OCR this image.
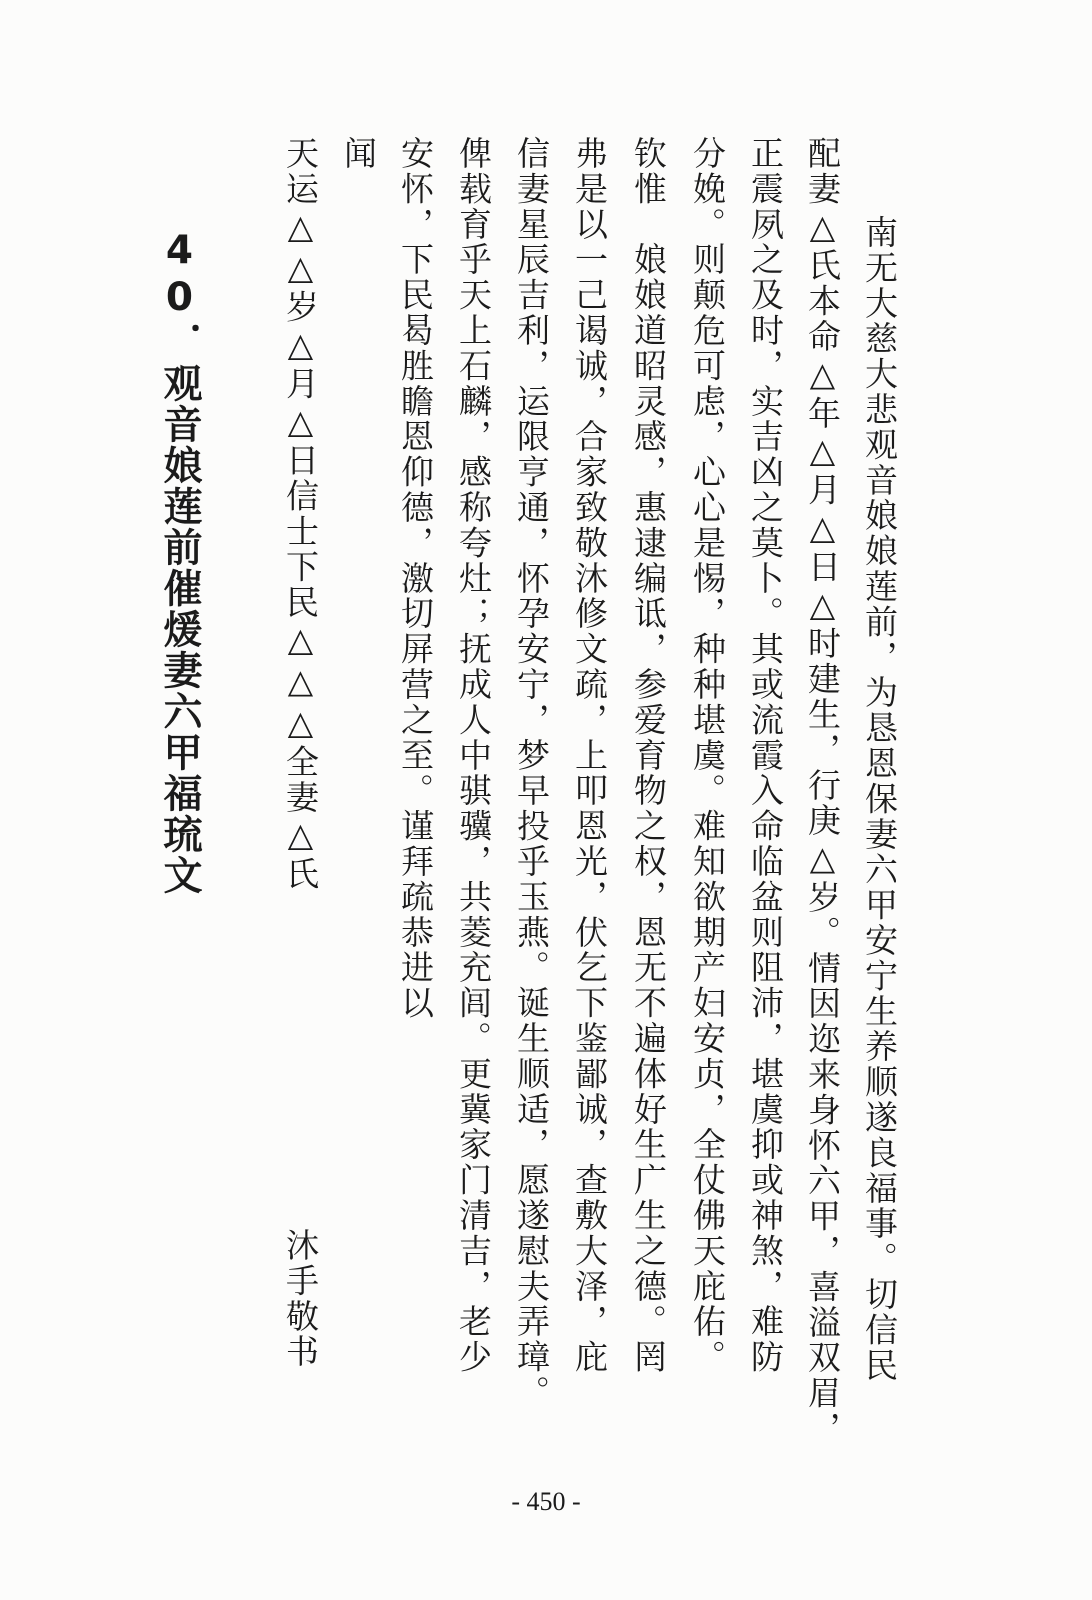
南无大慈大悲观音娘娘莲前，为恳恩保妻六甲安宁生养顺遂良福事。切信民
配妻△氏本命△年△月△日△时建生，行庚△岁。情因迩来身怀六甲，喜溢双眉，
正震夙之及时，实吉凶之莫卜。其或流霞入命临盆则阻沛，堪虞抑或神煞，难防
分娩。则颠危可虑，心心是惕，种种堪虞。难知欲期产妇安贞，全仗佛天庇佑。
钦惟　娘娘道昭灵感，惠逮编诋，参爱育物之权，恩无不遍体好生广生之德。罔
弗是以一己谒诚，合家致敬沐修文疏，上叩恩光，伏乞下鉴鄙诚，查敷大泽，庇
信妻星辰吉利，运限亨通，怀孕安宁，梦早投乎玉燕。诞生顺适，愿遂慰夫弄璋。
俾载育乎天上石麟，感称夸灶；抚成人中骐骥，共菱充闾。更冀家门清吉，老少
安怀，下民曷胜瞻恩仰德，激切屏营之至。谨拜疏恭进以
闻
天运△△岁△月△日信士下民△△△全妻△氏
沐手敬书
40．观音娘莲前催煖妻六甲福琉文
- 450 -
